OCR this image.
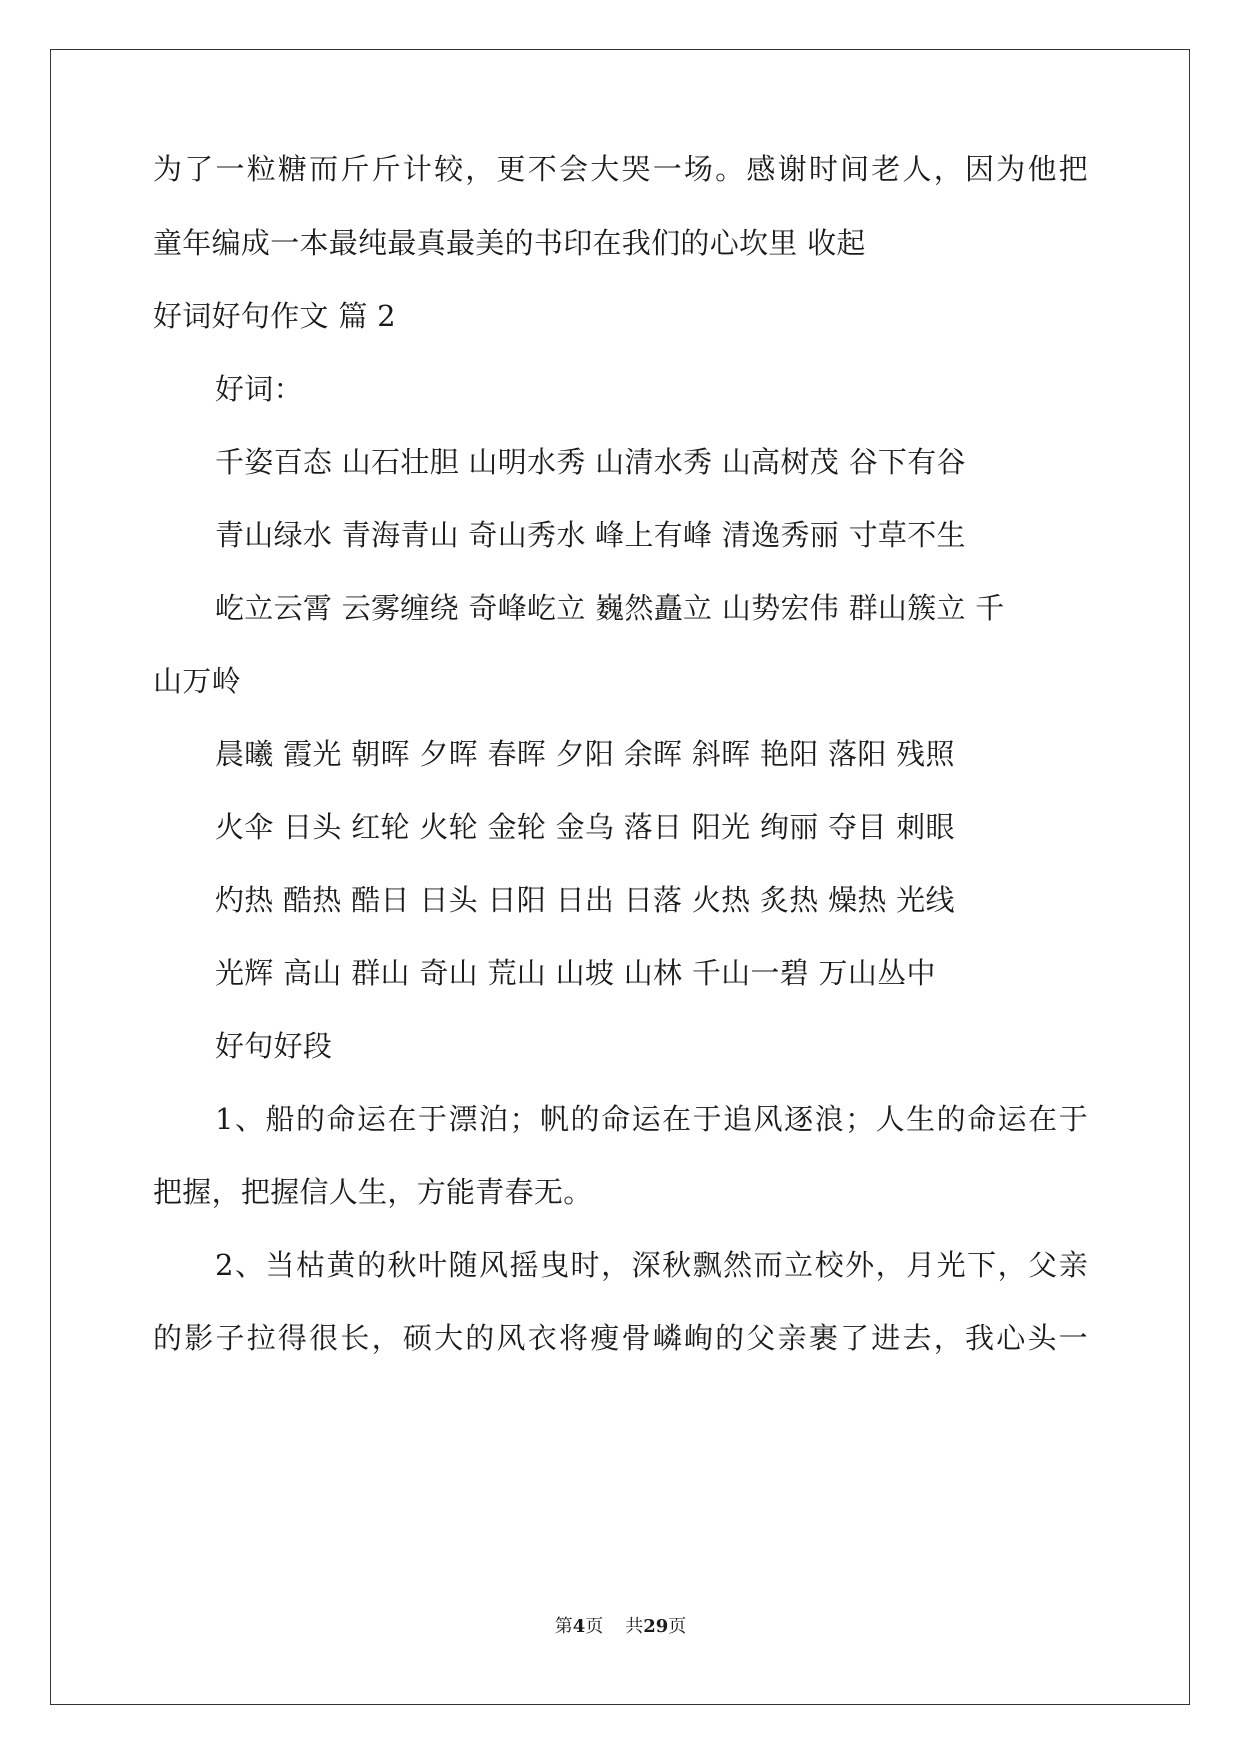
为了一粒糖而斤斤计较，更不会大哭一场。感谢时间老人，因为他把
童年编成一本最纯最真最美的书印在我们的心坎里 收起
好词好句作文 篇 2
好词：
千姿百态 山石壮胆 山明水秀 山清水秀 山高树茂 谷下有谷
青山绿水 青海青山 奇山秀水 峰上有峰 清逸秀丽 寸草不生
屹立云霄 云雾缠绕 奇峰屹立 巍然矗立 山势宏伟 群山簇立 千
山万岭
晨曦 霞光 朝晖 夕晖 春晖 夕阳 余晖 斜晖 艳阳 落阳 残照
火伞 日头 红轮 火轮 金轮 金乌 落日 阳光 绚丽 夺目 刺眼
灼热 酷热 酷日 日头 日阳 日出 日落 火热 炙热 燥热 光线
光辉 高山 群山 奇山 荒山 山坡 山林 千山一碧 万山丛中
好句好段
1、船的命运在于漂泊；帆的命运在于追风逐浪；人生的命运在于
把握，把握信人生，方能青春无。
2、当枯黄的秋叶随风摇曳时，深秋飘然而立校外，月光下，父亲
的影子拉得很长，硕大的风衣将瘦骨嶙峋的父亲裹了进去，我心头一
第4页 共29页
